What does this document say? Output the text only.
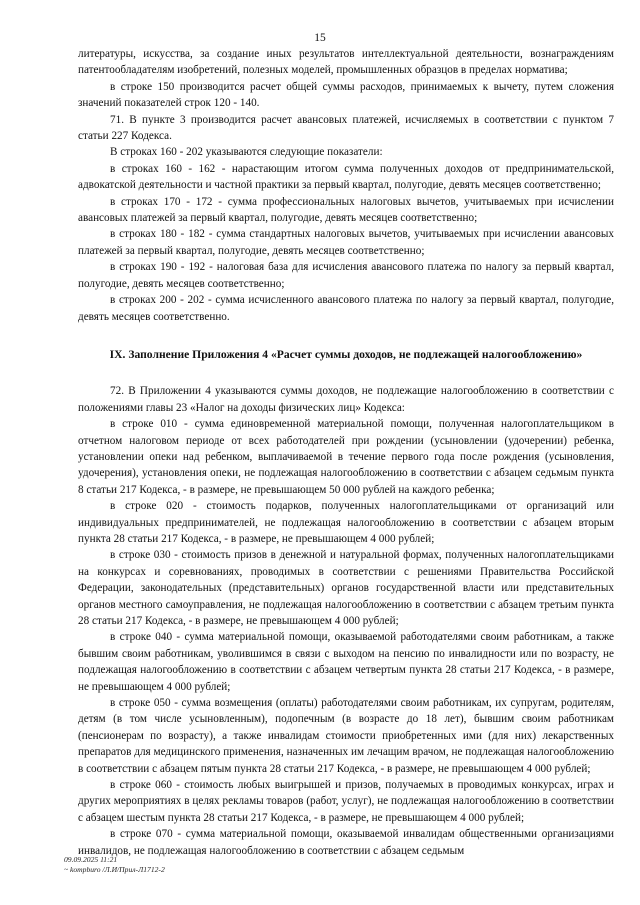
15

литературы, искусства, за создание иных результатов интеллектуальной деятельности, вознаграждениям патентообладателям изобретений, полезных моделей, промышленных образцов в пределах норматива;

в строке 150 производится расчет общей суммы расходов, принимаемых к вычету, путем сложения значений показателей строк 120 - 140.

71. В пункте 3 производится расчет авансовых платежей, исчисляемых в соответствии с пунктом 7 статьи 227 Кодекса.

В строках 160 - 202 указываются следующие показатели:

в строках 160 - 162 - нарастающим итогом сумма полученных доходов от предпринимательской, адвокатской деятельности и частной практики за первый квартал, полугодие, девять месяцев соответственно;

в строках 170 - 172 - сумма профессиональных налоговых вычетов, учитываемых при исчислении авансовых платежей за первый квартал, полугодие, девять месяцев соответственно;

в строках 180 - 182 - сумма стандартных налоговых вычетов, учитываемых при исчислении авансовых платежей за первый квартал, полугодие, девять месяцев соответственно;

в строках 190 - 192 - налоговая база для исчисления авансового платежа по налогу за первый квартал, полугодие, девять месяцев соответственно;

в строках 200 - 202 - сумма исчисленного авансового платежа по налогу за первый квартал, полугодие, девять месяцев соответственно.

IX. Заполнение Приложения 4 «Расчет суммы доходов, не подлежащей налогообложению»

72. В Приложении 4 указываются суммы доходов, не подлежащие налогообложению в соответствии с положениями главы 23 «Налог на доходы физических лиц» Кодекса:

в строке 010 - сумма единовременной материальной помощи, полученная налогоплательщиком в отчетном налоговом периоде от всех работодателей при рождении (усыновлении (удочерении) ребенка, установлении опеки над ребенком, выплачиваемой в течение первого года после рождения (усыновления, удочерения), установления опеки, не подлежащая налогообложению в соответствии с абзацем седьмым пункта 8 статьи 217 Кодекса, - в размере, не превышающем 50 000 рублей на каждого ребенка;

в строке 020 - стоимость подарков, полученных налогоплательщиками от организаций или индивидуальных предпринимателей, не подлежащая налогообложению в соответствии с абзацем вторым пункта 28 статьи 217 Кодекса, - в размере, не превышающем 4 000 рублей;

в строке 030 - стоимость призов в денежной и натуральной формах, полученных налогоплательщиками на конкурсах и соревнованиях, проводимых в соответствии с решениями Правительства Российской Федерации, законодательных (представительных) органов государственной власти или представительных органов местного самоуправления, не подлежащая налогообложению в соответствии с абзацем третьим пункта 28 статьи 217 Кодекса, - в размере, не превышающем 4 000 рублей;

в строке 040 - сумма материальной помощи, оказываемой работодателями своим работникам, а также бывшим своим работникам, уволившимся в связи с выходом на пенсию по инвалидности или по возрасту, не подлежащая налогообложению в соответствии с абзацем четвертым пункта 28 статьи 217 Кодекса, - в размере, не превышающем 4 000 рублей;

в строке 050 - сумма возмещения (оплаты) работодателями своим работникам, их супругам, родителям, детям (в том числе усыновленным), подопечным (в возрасте до 18 лет), бывшим своим работникам (пенсионерам по возрасту), а также инвалидам стоимости приобретенных ими (для них) лекарственных препаратов для медицинского применения, назначенных им лечащим врачом, не подлежащая налогообложению в соответствии с абзацем пятым пункта 28 статьи 217 Кодекса, - в размере, не превышающем 4 000 рублей;

в строке 060 - стоимость любых выигрышей и призов, получаемых в проводимых конкурсах, играх и других мероприятиях в целях рекламы товаров (работ, услуг), не подлежащая налогообложению в соответствии с абзацем шестым пункта 28 статьи 217 Кодекса, - в размере, не превышающем 4 000 рублей;

в строке 070 - сумма материальной помощи, оказываемой инвалидам общественными организациями инвалидов, не подлежащая налогообложению в соответствии с абзацем седьмым

09.09.2025 11:21
~ kompburo /Л.И/Прил-Л1712-2
